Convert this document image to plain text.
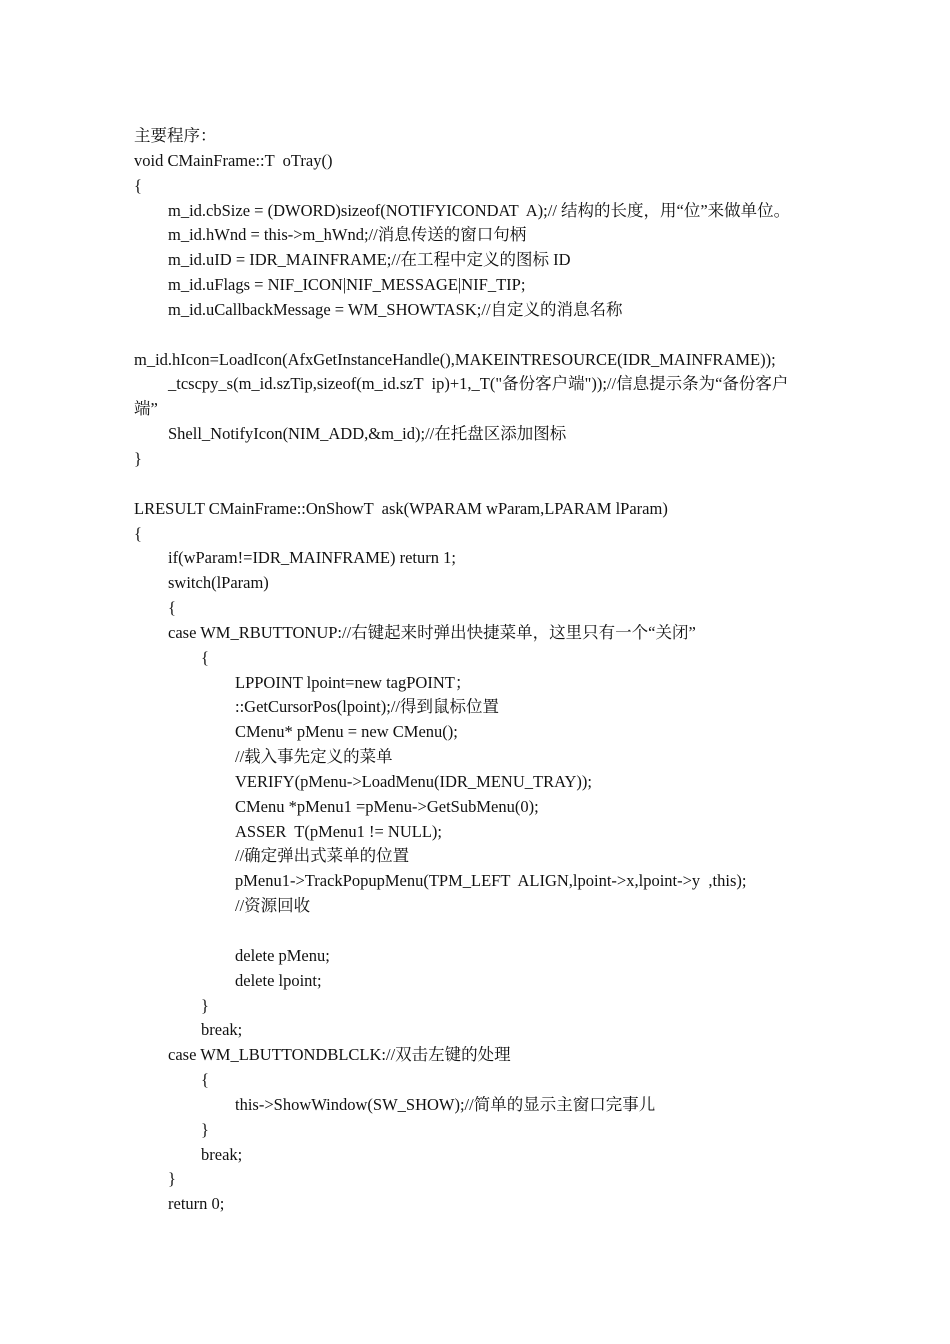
主要程序：
void CMainFrame::T  oTray()
{
m_id.cbSize = (DWORD)sizeof(NOTIFYICONDAT  A);// 结构的长度，用“位”来做单位。
m_id.hWnd = this->m_hWnd;//消息传送的窗口句柄
m_id.uID = IDR_MAINFRAME;//在工程中定义的图标 ID
m_id.uFlags = NIF_ICON|NIF_MESSAGE|NIF_TIP;
m_id.uCallbackMessage = WM_SHOWTASK;//自定义的消息名称
m_id.hIcon=LoadIcon(AfxGetInstanceHandle(),MAKEINTRESOURCE(IDR_MAINFRAME));
_tcscpy_s(m_id.szTip,sizeof(m_id.szT  ip)+1,_T("备份客户端"));//信息提示条为“备份客户
端”
Shell_NotifyIcon(NIM_ADD,&m_id);//在托盘区添加图标
}
LRESULT CMainFrame::OnShowT  ask(WPARAM wParam,LPARAM lParam)
{
if(wParam!=IDR_MAINFRAME) return 1;
switch(lParam)
{
case WM_RBUTTONUP://右键起来时弹出快捷菜单，这里只有一个“关闭”
{
LPPOINT lpoint=new tagPOINT；
::GetCursorPos(lpoint);//得到鼠标位置
CMenu* pMenu = new CMenu();
//载入事先定义的菜单
VERIFY(pMenu->LoadMenu(IDR_MENU_TRAY));
CMenu *pMenu1 =pMenu->GetSubMenu(0);
ASSER  T(pMenu1 != NULL);
//确定弹出式菜单的位置
pMenu1->TrackPopupMenu(TPM_LEFT  ALIGN,lpoint->x,lpoint->y  ,this);
//资源回收
delete pMenu;
delete lpoint;
}
break;
case WM_LBUTTONDBLCLK://双击左键的处理
{
this->ShowWindow(SW_SHOW);//简单的显示主窗口完事儿
}
break;
}
return 0;
